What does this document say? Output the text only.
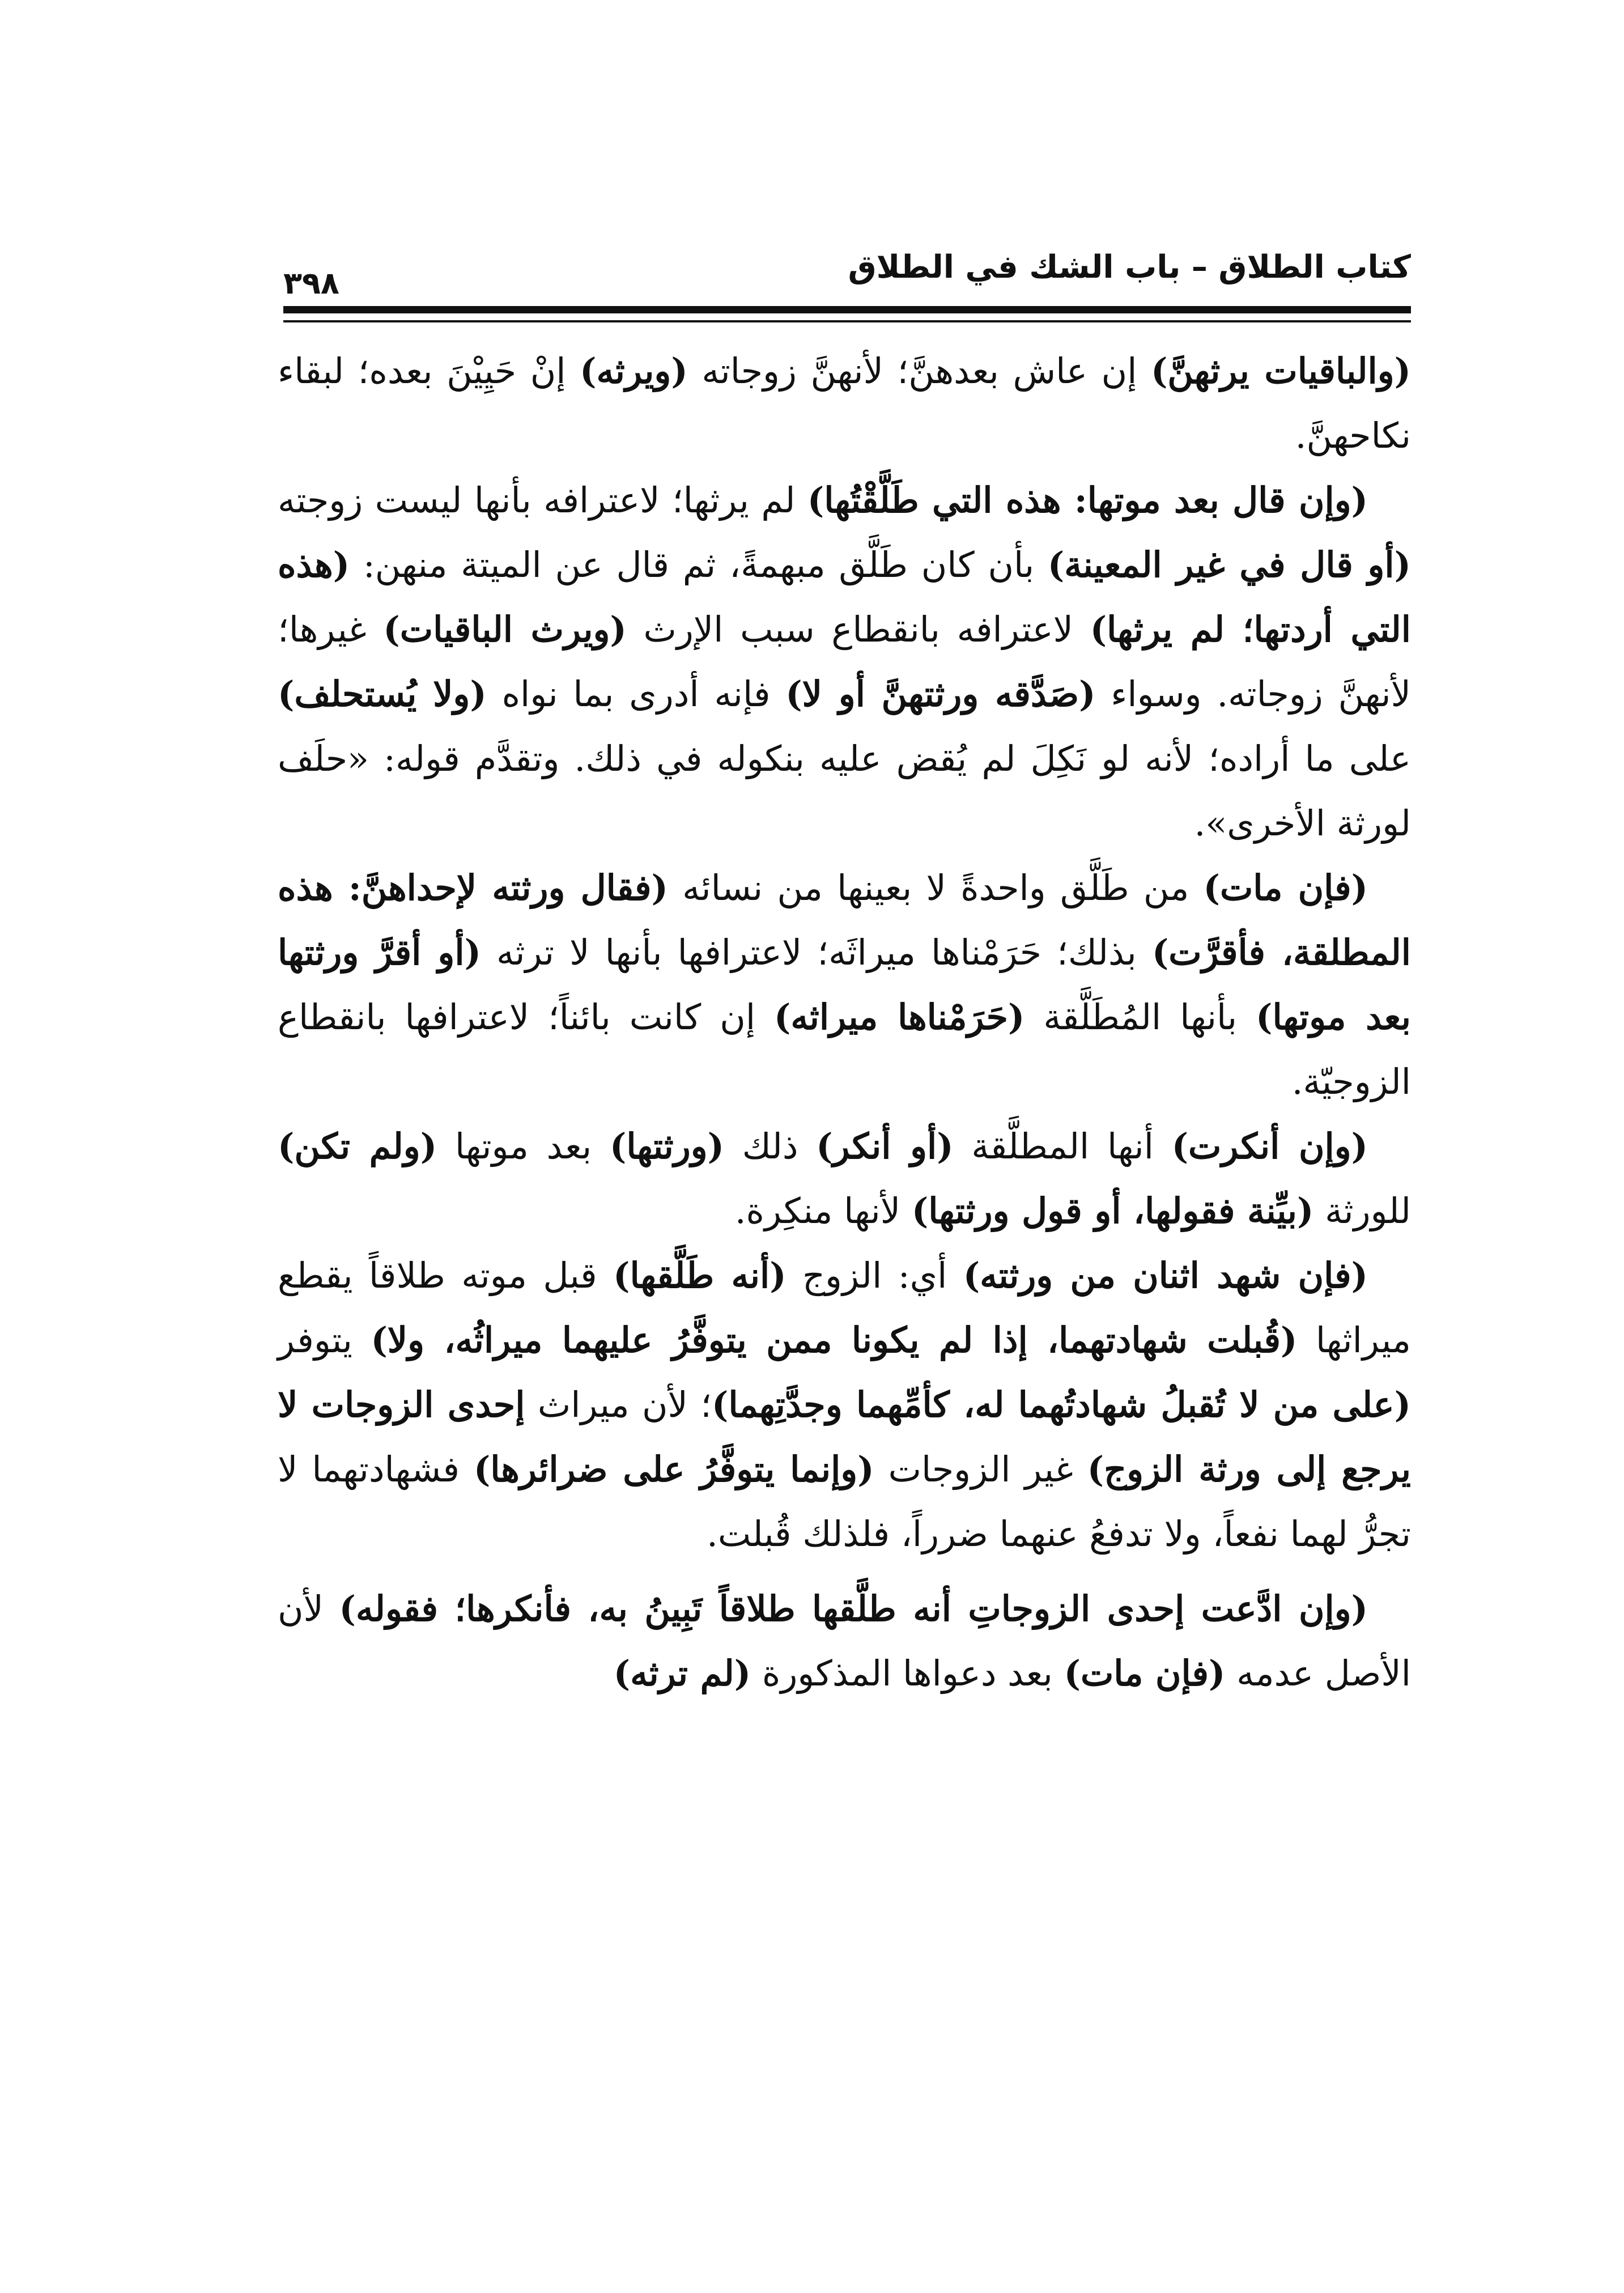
كتاب الطلاق – باب الشك في الطلاق
٣٩٨

(والباقيات يرثهنَّ) إن عاش بعدهنَّ؛ لأنهنَّ زوجاته (ويرثه) إنْ حَيِيْنَ بعده؛ لبقاء نكاحهنَّ.

(وإن قال بعد موتها: هذه التي طَلَّقْتُها) لم يرثها؛ لاعترافه بأنها ليست زوجته (أو قال في غير المعينة) بأن كان طَلَّق مبهمةً، ثم قال عن الميتة منهن: (هذه التي أردتها؛ لم يرثها) لاعترافه بانقطاع سبب الإرث (ويرث الباقيات) غيرها؛ لأنهنَّ زوجاته. وسواء (صَدَّقه ورثتهنَّ أو لا) فإنه أدرى بما نواه (ولا يُستحلف) على ما أراده؛ لأنه لو نَكِلَ لم يُقض عليه بنكوله في ذلك. وتقدَّم قوله: «حلَف لورثة الأخرى».

(فإن مات) من طَلَّق واحدةً لا بعينها من نسائه (فقال ورثته لإحداهنَّ: هذه المطلقة، فأقرَّت) بذلك؛ حَرَمْناها ميراثَه؛ لاعترافها بأنها لا ترثه (أو أقرَّ ورثتها بعد موتها) بأنها المُطَلَّقة (حَرَمْناها ميراثه) إن كانت بائناً؛ لاعترافها بانقطاع الزوجيّة.

(وإن أنكرت) أنها المطلَّقة (أو أنكر) ذلك (ورثتها) بعد موتها (ولم تكن) للورثة (بيِّنة فقولها، أو قول ورثتها) لأنها منكِرة.

(فإن شهد اثنان من ورثته) أي: الزوج (أنه طَلَّقها) قبل موته طلاقاً يقطع ميراثها (قُبلت شهادتهما، إذا لم يكونا ممن يتوفَّرُ عليهما ميراثُه، ولا) يتوفر (على من لا تُقبلُ شهادتُهما له، كأمِّهما وجدَّتِهما)؛ لأن ميراث إحدى الزوجات لا يرجع إلى ورثة الزوج) غير الزوجات (وإنما يتوفَّرُ على ضرائرها) فشهادتهما لا تجرُّ لهما نفعاً، ولا تدفعُ عنهما ضرراً، فلذلك قُبلت.

(وإن ادَّعت إحدى الزوجاتِ أنه طلَّقها طلاقاً تَبِينُ به، فأنكرها؛ فقوله) لأن الأصل عدمه (فإن مات) بعد دعواها المذكورة (لم ترثه)
